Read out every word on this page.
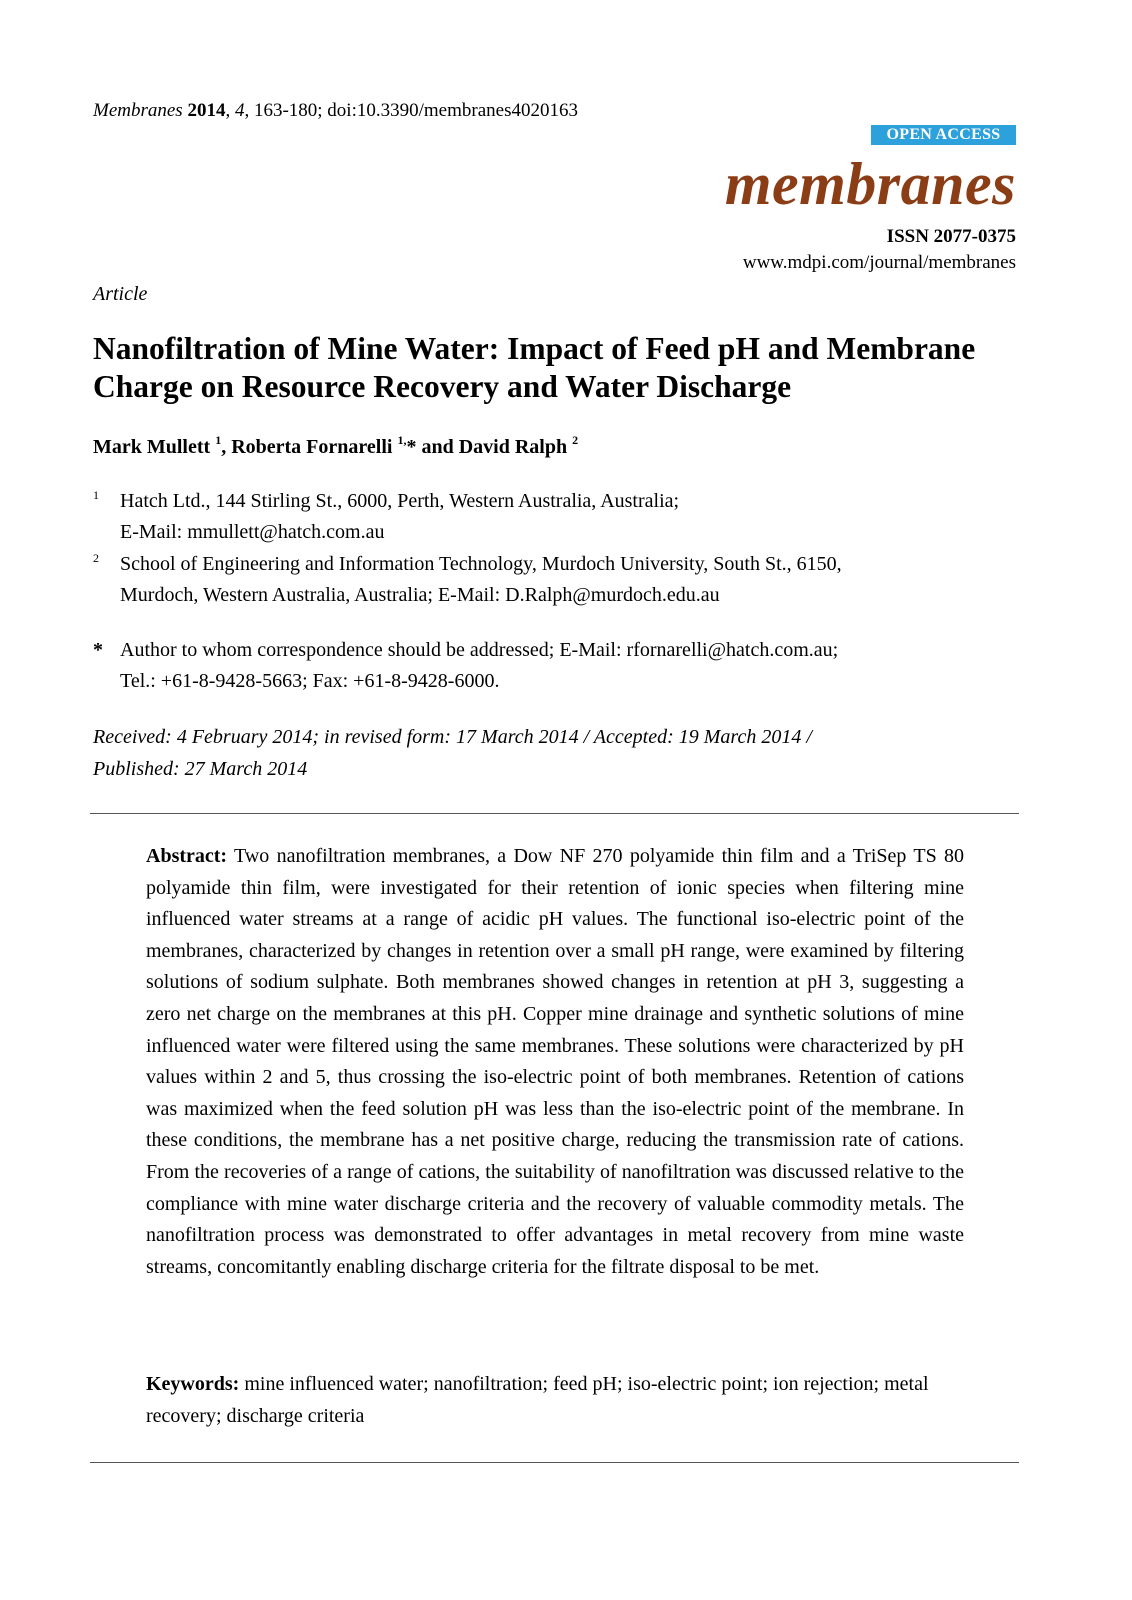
Membranes 2014, 4, 163-180; doi:10.3390/membranes4020163
OPEN ACCESS
membranes
ISSN 2077-0375
www.mdpi.com/journal/membranes
Article
Nanofiltration of Mine Water: Impact of Feed pH and Membrane Charge on Resource Recovery and Water Discharge
Mark Mullett $^1$, Roberta Fornarelli $^{1,}$* and David Ralph $^2$
1 Hatch Ltd., 144 Stirling St., 6000, Perth, Western Australia, Australia;
E-Mail: mmullett@hatch.com.au
2 School of Engineering and Information Technology, Murdoch University, South St., 6150,
Murdoch, Western Australia, Australia; E-Mail: D.Ralph@murdoch.edu.au
* Author to whom correspondence should be addressed; E-Mail: rfornarelli@hatch.com.au;
Tel.: +61-8-9428-5663; Fax: +61-8-9428-6000.
Received: 4 February 2014; in revised form: 17 March 2014 / Accepted: 19 March 2014 /
Published: 27 March 2014
Abstract: Two nanofiltration membranes, a Dow NF 270 polyamide thin film and a TriSep TS 80 polyamide thin film, were investigated for their retention of ionic species when filtering mine influenced water streams at a range of acidic pH values. The functional iso-electric point of the membranes, characterized by changes in retention over a small pH range, were examined by filtering solutions of sodium sulphate. Both membranes showed changes in retention at pH 3, suggesting a zero net charge on the membranes at this pH. Copper mine drainage and synthetic solutions of mine influenced water were filtered using the same membranes. These solutions were characterized by pH values within 2 and 5, thus crossing the iso-electric point of both membranes. Retention of cations was maximized when the feed solution pH was less than the iso-electric point of the membrane. In these conditions, the membrane has a net positive charge, reducing the transmission rate of cations. From the recoveries of a range of cations, the suitability of nanofiltration was discussed relative to the compliance with mine water discharge criteria and the recovery of valuable commodity metals. The nanofiltration process was demonstrated to offer advantages in metal recovery from mine waste streams, concomitantly enabling discharge criteria for the filtrate disposal to be met.
Keywords: mine influenced water; nanofiltration; feed pH; iso-electric point; ion rejection; metal recovery; discharge criteria
